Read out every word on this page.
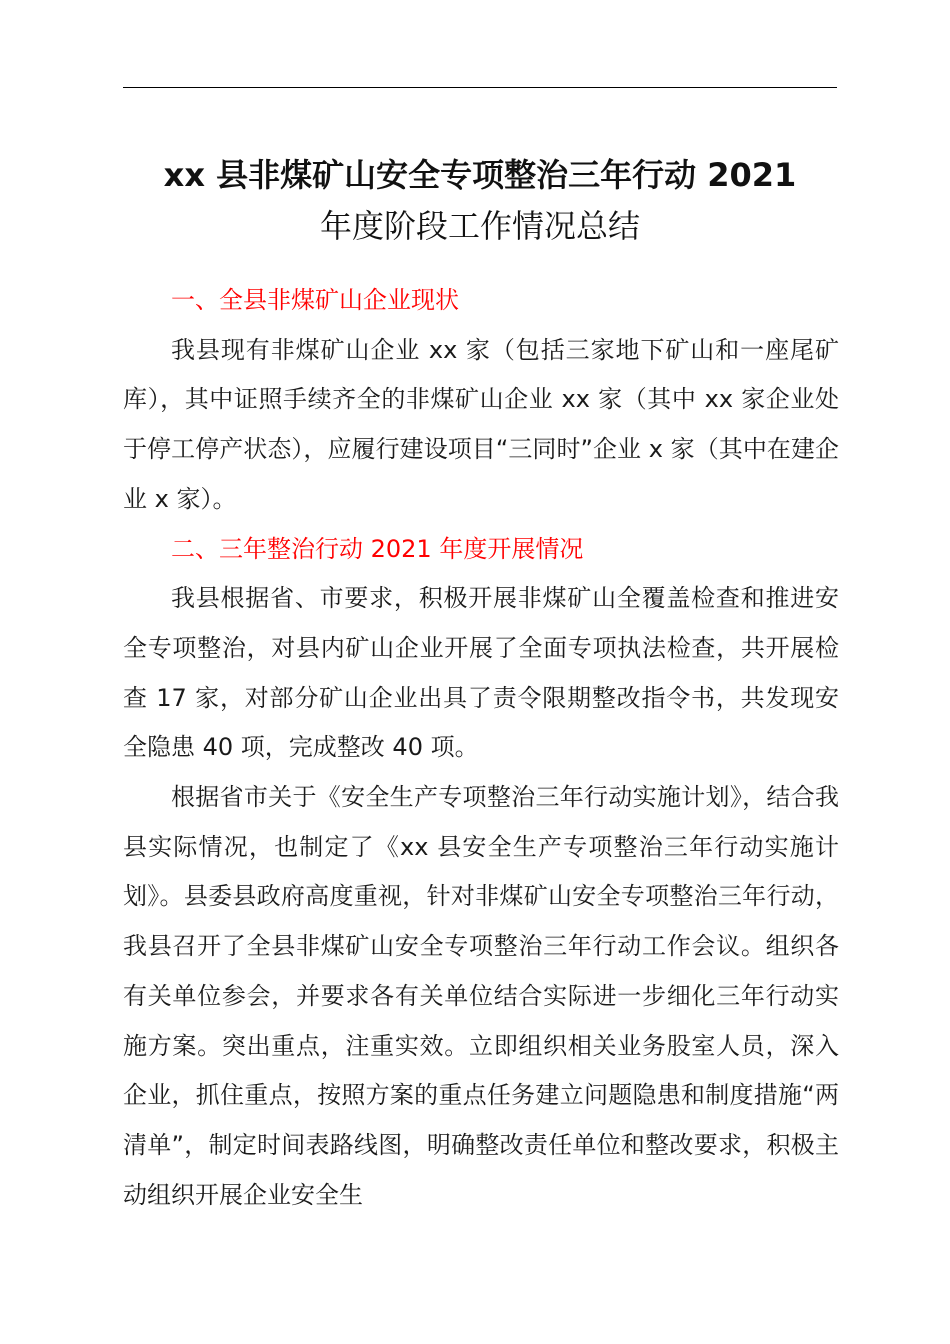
xx 县非煤矿山安全专项整治三年行动 2021
年度阶段工作情况总结

一、全县非煤矿山企业现状

我县现有非煤矿山企业 xx 家（包括三家地下矿山和一座尾矿库），其中证照手续齐全的非煤矿山企业 xx 家（其中 xx 家企业处于停工停产状态），应履行建设项目“三同时”企业 x 家（其中在建企业 x 家）。

二、三年整治行动 2021 年度开展情况

我县根据省、市要求，积极开展非煤矿山全覆盖检查和推进安全专项整治，对县内矿山企业开展了全面专项执法检查，共开展检查 17 家，对部分矿山企业出具了责令限期整改指令书，共发现安全隐患 40 项，完成整改 40 项。

根据省市关于《安全生产专项整治三年行动实施计划》，结合我县实际情况，也制定了《xx 县安全生产专项整治三年行动实施计划》。县委县政府高度重视，针对非煤矿山安全专项整治三年行动，我县召开了全县非煤矿山安全专项整治三年行动工作会议。组织各有关单位参会，并要求各有关单位结合实际进一步细化三年行动实施方案。突出重点，注重实效。立即组织相关业务股室人员，深入企业，抓住重点，按照方案的重点任务建立问题隐患和制度措施“两清单”，制定时间表路线图，明确整改责任单位和整改要求，积极主动组织开展企业安全生
